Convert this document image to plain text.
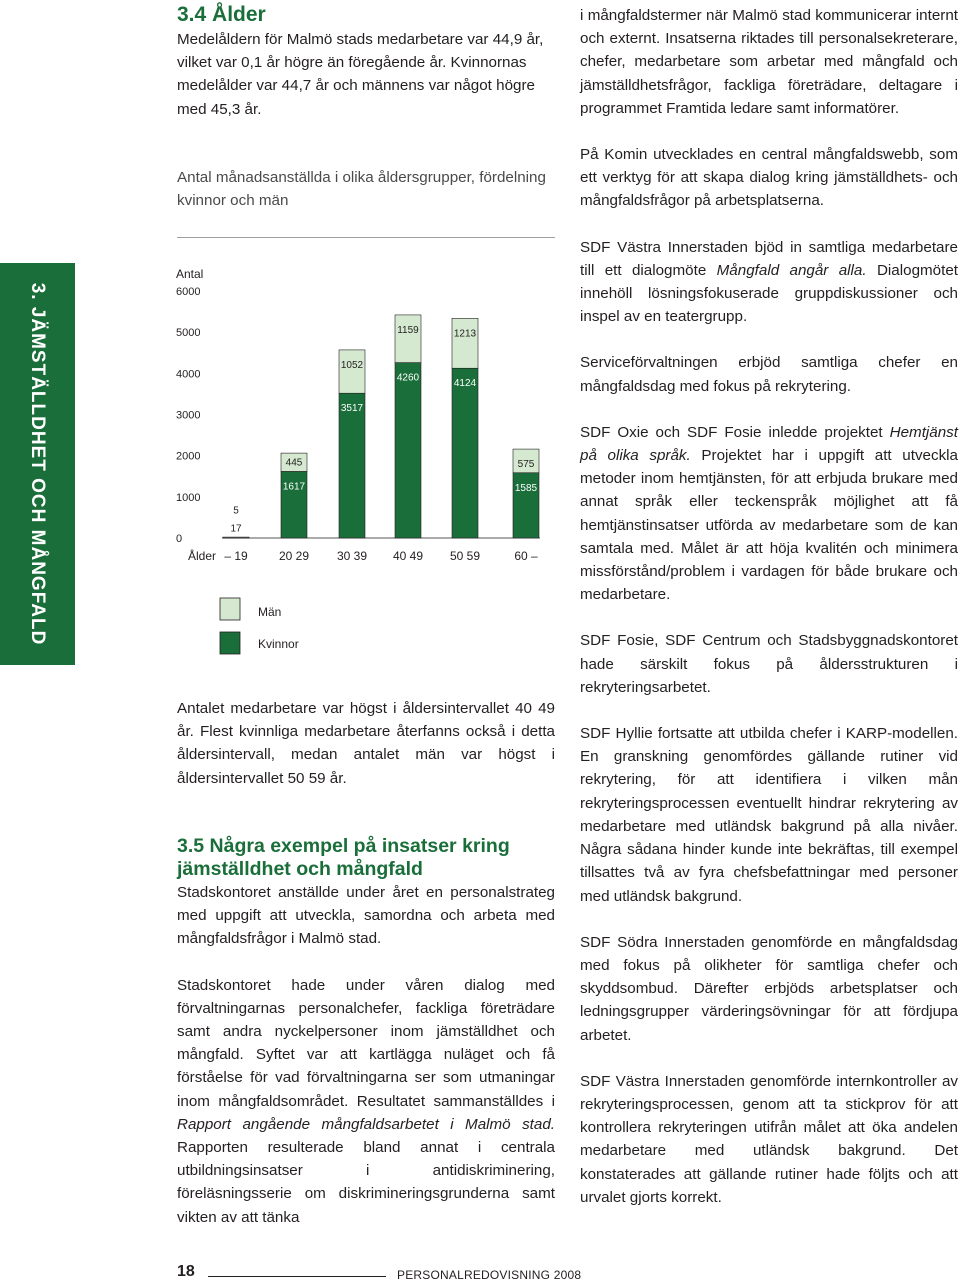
3. JÄMSTÄLLDHET OCH MÅNGFALD
3.4 Ålder

Medelåldern för Malmö stads medarbetare var 44,9 år, vilket var 0,1 år högre än föregående år. Kvinnornas medelålder var 44,7 år och männens var något högre med 45,3 år.

Antal månadsanställda i olika åldersgrupper, fördelning kvinnor och män
Antal
0
1000
2000
3000
4000
5000
6000
Ålder
17
5
1617
445
3517
1052
4260
1159
4124
1213
1585
575
– 19	20 29 30 39 40 49 50 59	60 –
Män
Kvinnor

Antalet medarbetare var högst i åldersintervallet 40 49 år. Flest kvinnliga medarbetare återfanns också i detta åldersintervall, medan antalet män var högst i åldersintervallet 50 59 år.

3.5 Några exempel på insatser kring jämställdhet och mångfald

Stadskontoret anställde under året en personalstrateg med uppgift att utveckla, samordna och arbeta med mångfaldsfrågor i Malmö stad.

Stadskontoret hade under våren dialog med förvaltningarnas personalchefer, fackliga företrädare samt andra nyckelpersoner inom jämställdhet och mångfald. Syftet var att kartlägga nuläget och få förståelse för vad förvaltningarna ser som utmaningar inom mångfaldsområdet. Resultatet sammanställdes i Rapport angående mångfaldsarbetet i Malmö stad. Rapporten resulterade bland annat i centrala utbildningsinsatser i antidiskriminering, föreläsningsserie om diskrimineringsgrunderna samt vikten av att tänka

i mångfaldstermer när Malmö stad kommunicerar internt och externt. Insatserna riktades till personalsekreterare, chefer, medarbetare som arbetar med mångfald och jämställdhetsfrågor, fackliga företrädare, deltagare i programmet Framtida ledare samt informatörer.

På Komin utvecklades en central mångfaldswebb, som ett verktyg för att skapa dialog kring jämställdhets- och mångfaldsfrågor på arbetsplatserna.

SDF Västra Innerstaden bjöd in samtliga medarbetare till ett dialogmöte Mångfald angår alla. Dialogmötet innehöll lösningsfokuserade gruppdiskussioner och inspel av en teatergrupp.

Serviceförvaltningen erbjöd samtliga chefer en mångfaldsdag med fokus på rekrytering.

SDF Oxie och SDF Fosie inledde projektet Hemtjänst på olika språk. Projektet har i uppgift att utveckla metoder inom hemtjänsten, för att erbjuda brukare med annat språk eller teckenspråk möjlighet att få hemtjänstinsatser utförda av medarbetare som de kan samtala med. Målet är att höja kvalitén och minimera missförstånd/problem i vardagen för både brukare och medarbetare.

SDF Fosie, SDF Centrum och Stadsbyggnadskontoret hade särskilt fokus på åldersstrukturen i rekryteringsarbetet.

SDF Hyllie fortsatte att utbilda chefer i KARP-modellen. En granskning genomfördes gällande rutiner vid rekrytering, för att identifiera i vilken mån rekryteringsprocessen eventuellt hindrar rekrytering av medarbetare med utländsk bakgrund på alla nivåer. Några sådana hinder kunde inte bekräftas, till exempel tillsattes två av fyra chefsbefattningar med personer med utländsk bakgrund.

SDF Södra Innerstaden genomförde en mångfaldsdag med fokus på olikheter för samtliga chefer och skyddsombud. Därefter erbjöds arbetsplatser och ledningsgrupper värderingsövningar för att fördjupa arbetet.

SDF Västra Innerstaden genomförde internkontroller av rekryteringsprocessen, genom att ta stickprov för att kontrollera rekryteringen utifrån målet att öka andelen medarbetare med utländsk bakgrund. Det konstaterades att gällande rutiner hade följts och att urvalet gjorts korrekt.

18	PERSONALREDOVISNING 2008
